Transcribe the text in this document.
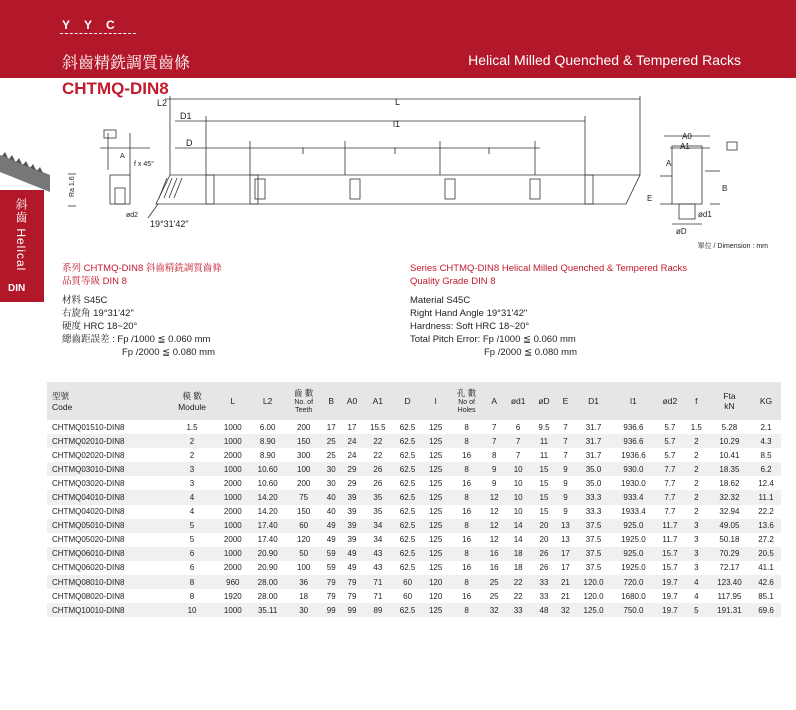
Y Y C
斜齒精銑調質齒條	Helical Milled Quenched & Tempered Racks
CHTMQ-DIN8
斜齒 Helical
DIN
L2	L
D1
l1
D
l	l	l
19°31'42"
A
f x 45°
ød2
Ra 1.6
A0
A1
A
B
E
ød1
øD
單位 / Dimension : mm
系列 CHTMQ-DIN8 斜齒精銑調質齒條
品質等級 DIN 8
材料 S45C
右旋角 19°31'42"
硬度 HRC 18~20°
總齒距誤差 : Fp /1000 ≦ 0.060 mm
Fp /2000 ≦ 0.080 mm
Series CHTMQ-DIN8 Helical Milled Quenched & Tempered Racks
Quality Grade DIN 8
Material S45C
Right Hand Angle 19°31'42"
Hardness: Soft HRC 18~20°
Total Pitch Error: Fp /1000 ≦ 0.060 mm
Fp /2000 ≦ 0.080 mm
型號
Code	模 數
Module	L	L2	齒 數
No. of
Teeth	B	A0	A1	D	l	孔 數
No of
Holes	A	ød1	øD	E	D1	l1	ød2	f	Fta
kN	KG
CHTMQ01510-DIN8	1.5	1000	6.00	200	17	17	15.5	62.5	125	8	7	6	9.5	7	31.7	936.6	5.7	1.5	5.28	2.1
CHTMQ02010-DIN8	2	1000	8.90	150	25	24	22	62.5	125	8	7	7	11	7	31.7	936.6	5.7	2	10.29	4.3
CHTMQ02020-DIN8	2	2000	8.90	300	25	24	22	62.5	125	16	8	7	11	7	31.7	1936.6	5.7	2	10.41	8.5
CHTMQ03010-DIN8	3	1000	10.60	100	30	29	26	62.5	125	8	9	10	15	9	35.0	930.0	7.7	2	18.35	6.2
CHTMQ03020-DIN8	3	2000	10.60	200	30	29	26	62.5	125	16	9	10	15	9	35.0	1930.0	7.7	2	18.62	12.4
CHTMQ04010-DIN8	4	1000	14.20	75	40	39	35	62.5	125	8	12	10	15	9	33.3	933.4	7.7	2	32.32	11.1
CHTMQ04020-DIN8	4	2000	14.20	150	40	39	35	62.5	125	16	12	10	15	9	33.3	1933.4	7.7	2	32.94	22.2
CHTMQ05010-DIN8	5	1000	17.40	60	49	39	34	62.5	125	8	12	14	20	13	37.5	925.0	11.7	3	49.05	13.6
CHTMQ05020-DIN8	5	2000	17.40	120	49	39	34	62.5	125	16	12	14	20	13	37.5	1925.0	11.7	3	50.18	27.2
CHTMQ06010-DIN8	6	1000	20.90	50	59	49	43	62.5	125	8	16	18	26	17	37.5	925.0	15.7	3	70.29	20.5
CHTMQ06020-DIN8	6	2000	20.90	100	59	49	43	62.5	125	16	16	18	26	17	37.5	1925.0	15.7	3	72.17	41.1
CHTMQ08010-DIN8	8	960	28.00	36	79	79	71	60	120	8	25	22	33	21	120.0	720.0	19.7	4	123.40	42.6
CHTMQ08020-DIN8	8	1920	28.00	18	79	79	71	60	120	16	25	22	33	21	120.0	1680.0	19.7	4	117.95	85.1
CHTMQ10010-DIN8	10	1000	35.11	30	99	99	89	62.5	125	8	32	33	48	32	125.0	750.0	19.7	5	191.31	69.6
